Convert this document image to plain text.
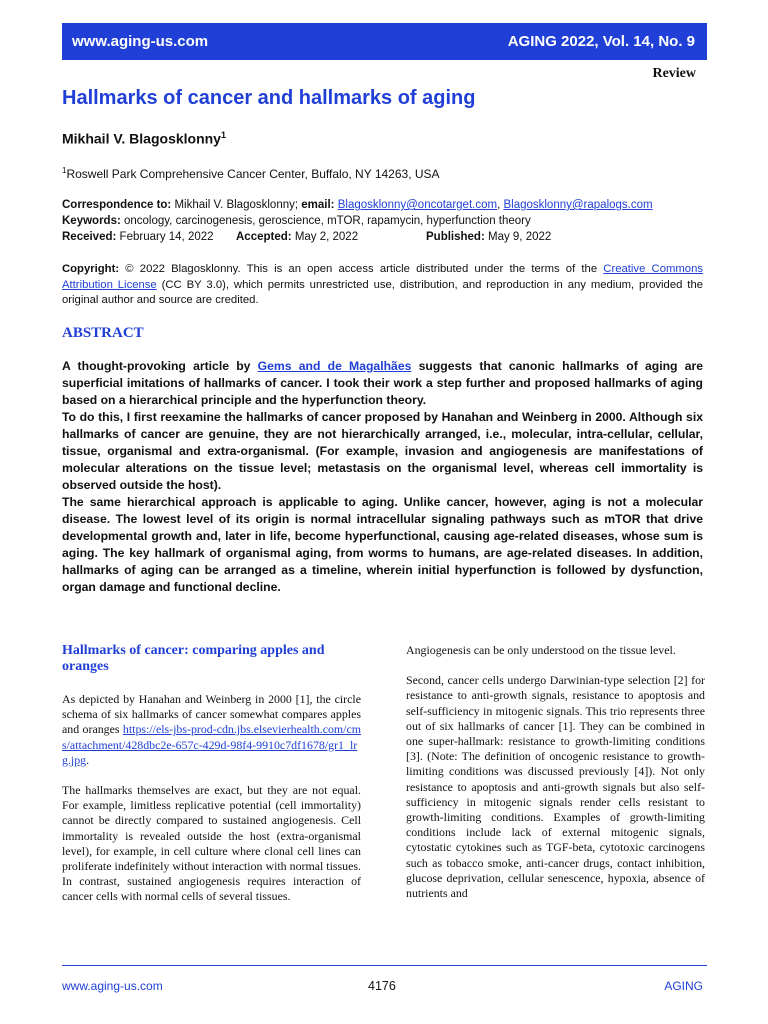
www.aging-us.com	AGING 2022, Vol. 14, No. 9
Review
Hallmarks of cancer and hallmarks of aging
Mikhail V. Blagosklonny$^1$
$^1$Roswell Park Comprehensive Cancer Center, Buffalo, NY 14263, USA
Correspondence to: Mikhail V. Blagosklonny; email: Blagosklonny@oncotarget.com, Blagosklonny@rapalogs.com
Keywords: oncology, carcinogenesis, geroscience, mTOR, rapamycin, hyperfunction theory
Received: February 14, 2022 Accepted: May 2, 2022	Published: May 9, 2022
Copyright: © 2022 Blagosklonny. This is an open access article distributed under the terms of the Creative Commons Attribution License (CC BY 3.0), which permits unrestricted use, distribution, and reproduction in any medium, provided the original author and source are credited.
ABSTRACT

A thought-provoking article by Gems and de Magalhães suggests that canonic hallmarks of aging are superficial imitations of hallmarks of cancer. I took their work a step further and proposed hallmarks of aging based on a hierarchical principle and the hyperfunction theory.

To do this, I first reexamine the hallmarks of cancer proposed by Hanahan and Weinberg in 2000. Although six hallmarks of cancer are genuine, they are not hierarchically arranged, i.e., molecular, intra-cellular, cellular, tissue, organismal and extra-organismal. (For example, invasion and angiogenesis are manifestations of molecular alterations on the tissue level; metastasis on the organismal level, whereas cell immortality is observed outside the host).

The same hierarchical approach is applicable to aging. Unlike cancer, however, aging is not a molecular disease. The lowest level of its origin is normal intracellular signaling pathways such as mTOR that drive developmental growth and, later in life, become hyperfunctional, causing age-related diseases, whose sum is aging. The key hallmark of organismal aging, from worms to humans, are age-related diseases. In addition, hallmarks of aging can be arranged as a timeline, wherein initial hyperfunction is followed by dysfunction, organ damage and functional decline.

Hallmarks of cancer: comparing apples and oranges

As depicted by Hanahan and Weinberg in 2000 [1], the circle schema of six hallmarks of cancer somewhat compares apples and oranges https://els-jbs-prod-cdn.jbs.elsevierhealth.com/cms/attachment/428dbc2e-657c-429d-98f4-9910c7df1678/gr1_lrg.jpg.

The hallmarks themselves are exact, but they are not equal. For example, limitless replicative potential (cell immortality) cannot be directly compared to sustained angiogenesis. Cell immortality is revealed outside the host (extra-organismal level), for example, in cell culture where clonal cell lines can proliferate indefinitely without interaction with normal tissues. In contrast, sustained angiogenesis requires interaction of cancer cells with normal cells of several tissues.

Angiogenesis can be only understood on the tissue level.

Second, cancer cells undergo Darwinian-type selection [2] for resistance to anti-growth signals, resistance to apoptosis and self-sufficiency in mitogenic signals. This trio represents three out of six hallmarks of cancer [1]. They can be combined in one super-hallmark: resistance to growth-limiting conditions [3]. (Note: The definition of oncogenic resistance to growth-limiting conditions was discussed previously [4]). Not only resistance to apoptosis and anti-growth signals but also self-sufficiency in mitogenic signals render cells resistant to growth-limiting conditions. Examples of growth-limiting conditions include lack of external mitogenic signals, cytostatic cytokines such as TGF-beta, cytotoxic carcinogens such as tobacco smoke, anti-cancer drugs, contact inhibition, glucose deprivation, cellular senescence, hypoxia, absence of nutrients and

www.aging-us.com	4176	AGING
